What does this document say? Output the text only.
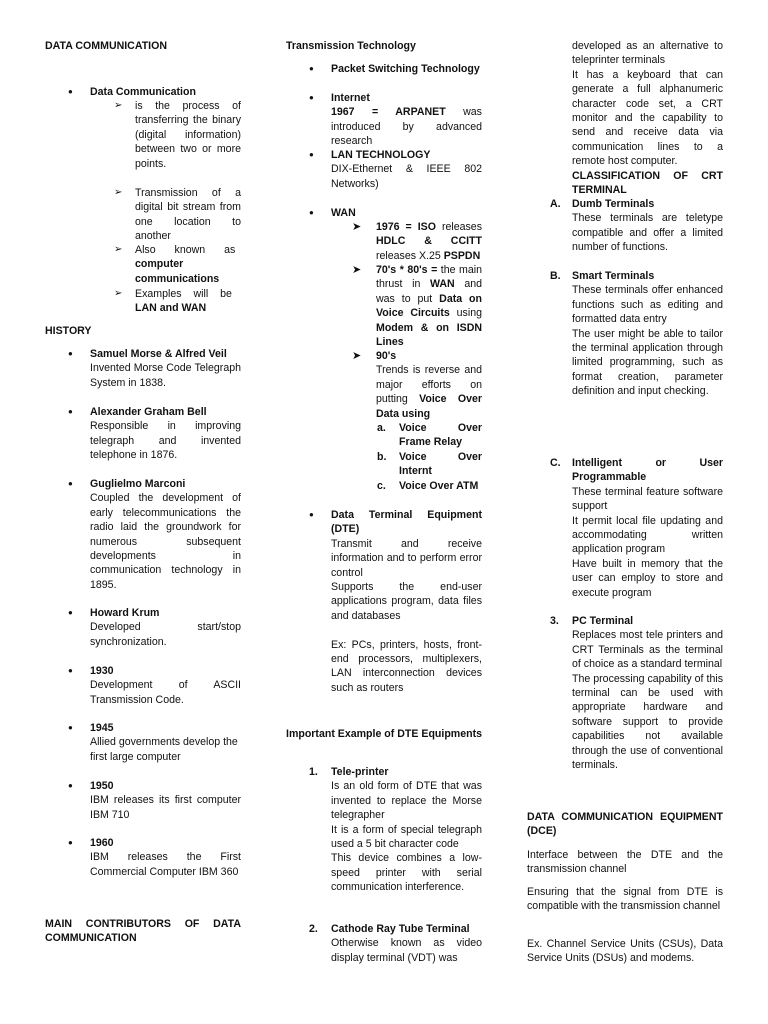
DATA COMMUNICATION
● Data Communication
➢ is the process of transferring the binary (digital information) between two or more points.
➢ Transmission of a digital bit stream from one location to another
➢ Also known as computer communications
➢ Examples will be LAN and WAN
HISTORY
● Samuel Morse & Alfred Veil
Invented Morse Code Telegraph System in 1838.
● Alexander Graham Bell
Responsible in improving telegraph and invented telephone in 1876.
● Guglielmo Marconi
Coupled the development of early telecommunications the radio laid the groundwork for numerous subsequent developments in communication technology in 1895.
● Howard Krum
Developed start/stop synchronization.
● 1930
Development of ASCII Transmission Code.
● 1945
Allied governments develop the first large computer
● 1950
IBM releases its first computer IBM 710
● 1960
IBM releases the First Commercial Computer IBM 360
MAIN CONTRIBUTORS OF DATA COMMUNICATION
Transmission Technology
● Packet Switching Technology
● Internet
1967 = ARPANET was introduced by advanced research
● LAN TECHNOLOGY
DIX-Ethernet & IEEE 802 Networks)
● WAN
➤ 1976 = ISO releases HDLC & CCITT releases X.25 PSPDN
➤ 70's * 80's = the main thrust in WAN and was to put Data on Voice Circuits using Modem & on ISDN Lines
➤ 90's
Trends is reverse and major efforts on putting Voice Over Data using
a. Voice Over Frame Relay
b. Voice Over Internt
c. Voice Over ATM
● Data Terminal Equipment (DTE)
Transmit and receive information and to perform error control
Supports the end-user applications program, data files and databases
Ex: PCs, printers, hosts, front-end processors, multiplexers, LAN interconnection devices such as routers
Important Example of DTE Equipments
1. Tele-printer
Is an old form of DTE that was invented to replace the Morse telegrapher
It is a form of special telegraph used a 5 bit character code
This device combines a low-speed printer with serial communication interference.
2. Cathode Ray Tube Terminal
Otherwise known as video display terminal (VDT) was
developed as an alternative to teleprinter terminals
It has a keyboard that can generate a full alphanumeric character code set, a CRT monitor and the capability to send and receive data via communication lines to a remote host computer.
CLASSIFICATION OF CRT TERMINAL
A. Dumb Terminals
These terminals are teletype compatible and offer a limited number of functions.
B. Smart Terminals
These terminals offer enhanced functions such as editing and formatted data entry
The user might be able to tailor the terminal application through limited programming, such as format creation, parameter definition and input checking.
C. Intelligent or User Programmable
These terminal feature software support
It permit local file updating and accommodating written application program
Have built in memory that the user can employ to store and execute program
3. PC Terminal
Replaces most tele printers and CRT Terminals as the terminal of choice as a standard terminal
The processing capability of this terminal can be used with appropriate hardware and software support to provide capabilities not available through the use of conventional terminals.
DATA COMMUNICATION EQUIPMENT (DCE)
Interface between the DTE and the transmission channel
Ensuring that the signal from DTE is compatible with the transmission channel
Ex. Channel Service Units (CSUs), Data Service Units (DSUs) and modems.
